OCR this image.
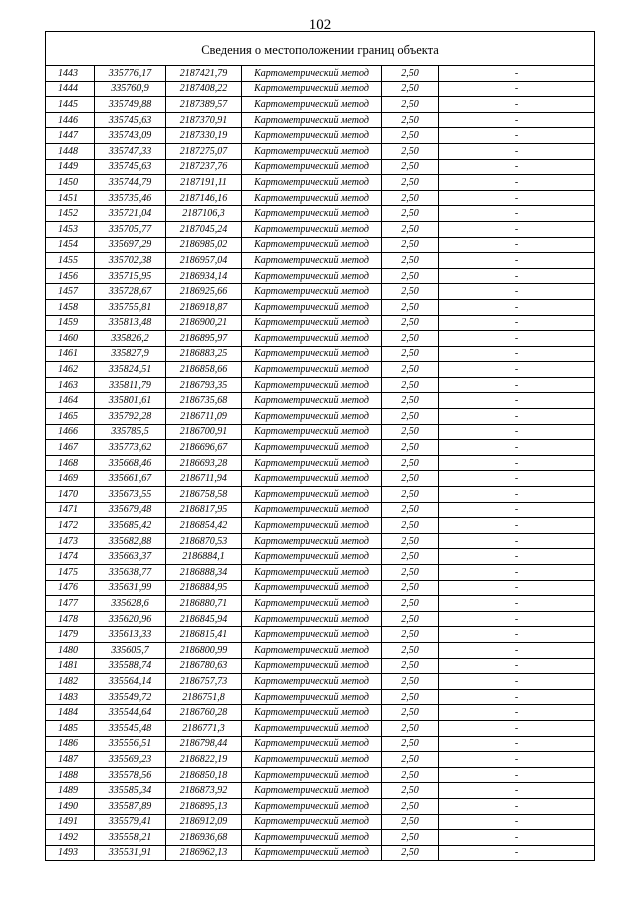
102
Сведения о местоположении границ объекта					
1443	335776,17	2187421,79	Картометрический метод	2,50	-
1444	335760,9	2187408,22	Картометрический метод	2,50	-
1445	335749,88	2187389,57	Картометрический метод	2,50	-
1446	335745,63	2187370,91	Картометрический метод	2,50	-
1447	335743,09	2187330,19	Картометрический метод	2,50	-
1448	335747,33	2187275,07	Картометрический метод	2,50	-
1449	335745,63	2187237,76	Картометрический метод	2,50	-
1450	335744,79	2187191,11	Картометрический метод	2,50	-
1451	335735,46	2187146,16	Картометрический метод	2,50	-
1452	335721,04	2187106,3	Картометрический метод	2,50	-
1453	335705,77	2187045,24	Картометрический метод	2,50	-
1454	335697,29	2186985,02	Картометрический метод	2,50	-
1455	335702,38	2186957,04	Картометрический метод	2,50	-
1456	335715,95	2186934,14	Картометрический метод	2,50	-
1457	335728,67	2186925,66	Картометрический метод	2,50	-
1458	335755,81	2186918,87	Картометрический метод	2,50	-
1459	335813,48	2186900,21	Картометрический метод	2,50	-
1460	335826,2	2186895,97	Картометрический метод	2,50	-
1461	335827,9	2186883,25	Картометрический метод	2,50	-
1462	335824,51	2186858,66	Картометрический метод	2,50	-
1463	335811,79	2186793,35	Картометрический метод	2,50	-
1464	335801,61	2186735,68	Картометрический метод	2,50	-
1465	335792,28	2186711,09	Картометрический метод	2,50	-
1466	335785,5	2186700,91	Картометрический метод	2,50	-
1467	335773,62	2186696,67	Картометрический метод	2,50	-
1468	335668,46	2186693,28	Картометрический метод	2,50	-
1469	335661,67	2186711,94	Картометрический метод	2,50	-
1470	335673,55	2186758,58	Картометрический метод	2,50	-
1471	335679,48	2186817,95	Картометрический метод	2,50	-
1472	335685,42	2186854,42	Картометрический метод	2,50	-
1473	335682,88	2186870,53	Картометрический метод	2,50	-
1474	335663,37	2186884,1	Картометрический метод	2,50	-
1475	335638,77	2186888,34	Картометрический метод	2,50	-
1476	335631,99	2186884,95	Картометрический метод	2,50	-
1477	335628,6	2186880,71	Картометрический метод	2,50	-
1478	335620,96	2186845,94	Картометрический метод	2,50	-
1479	335613,33	2186815,41	Картометрический метод	2,50	-
1480	335605,7	2186800,99	Картометрический метод	2,50	-
1481	335588,74	2186780,63	Картометрический метод	2,50	-
1482	335564,14	2186757,73	Картометрический метод	2,50	-
1483	335549,72	2186751,8	Картометрический метод	2,50	-
1484	335544,64	2186760,28	Картометрический метод	2,50	-
1485	335545,48	2186771,3	Картометрический метод	2,50	-
1486	335556,51	2186798,44	Картометрический метод	2,50	-
1487	335569,23	2186822,19	Картометрический метод	2,50	-
1488	335578,56	2186850,18	Картометрический метод	2,50	-
1489	335585,34	2186873,92	Картометрический метод	2,50	-
1490	335587,89	2186895,13	Картометрический метод	2,50	-
1491	335579,41	2186912,09	Картометрический метод	2,50	-
1492	335558,21	2186936,68	Картометрический метод	2,50	-
1493	335531,91	2186962,13	Картометрический метод	2,50	-
